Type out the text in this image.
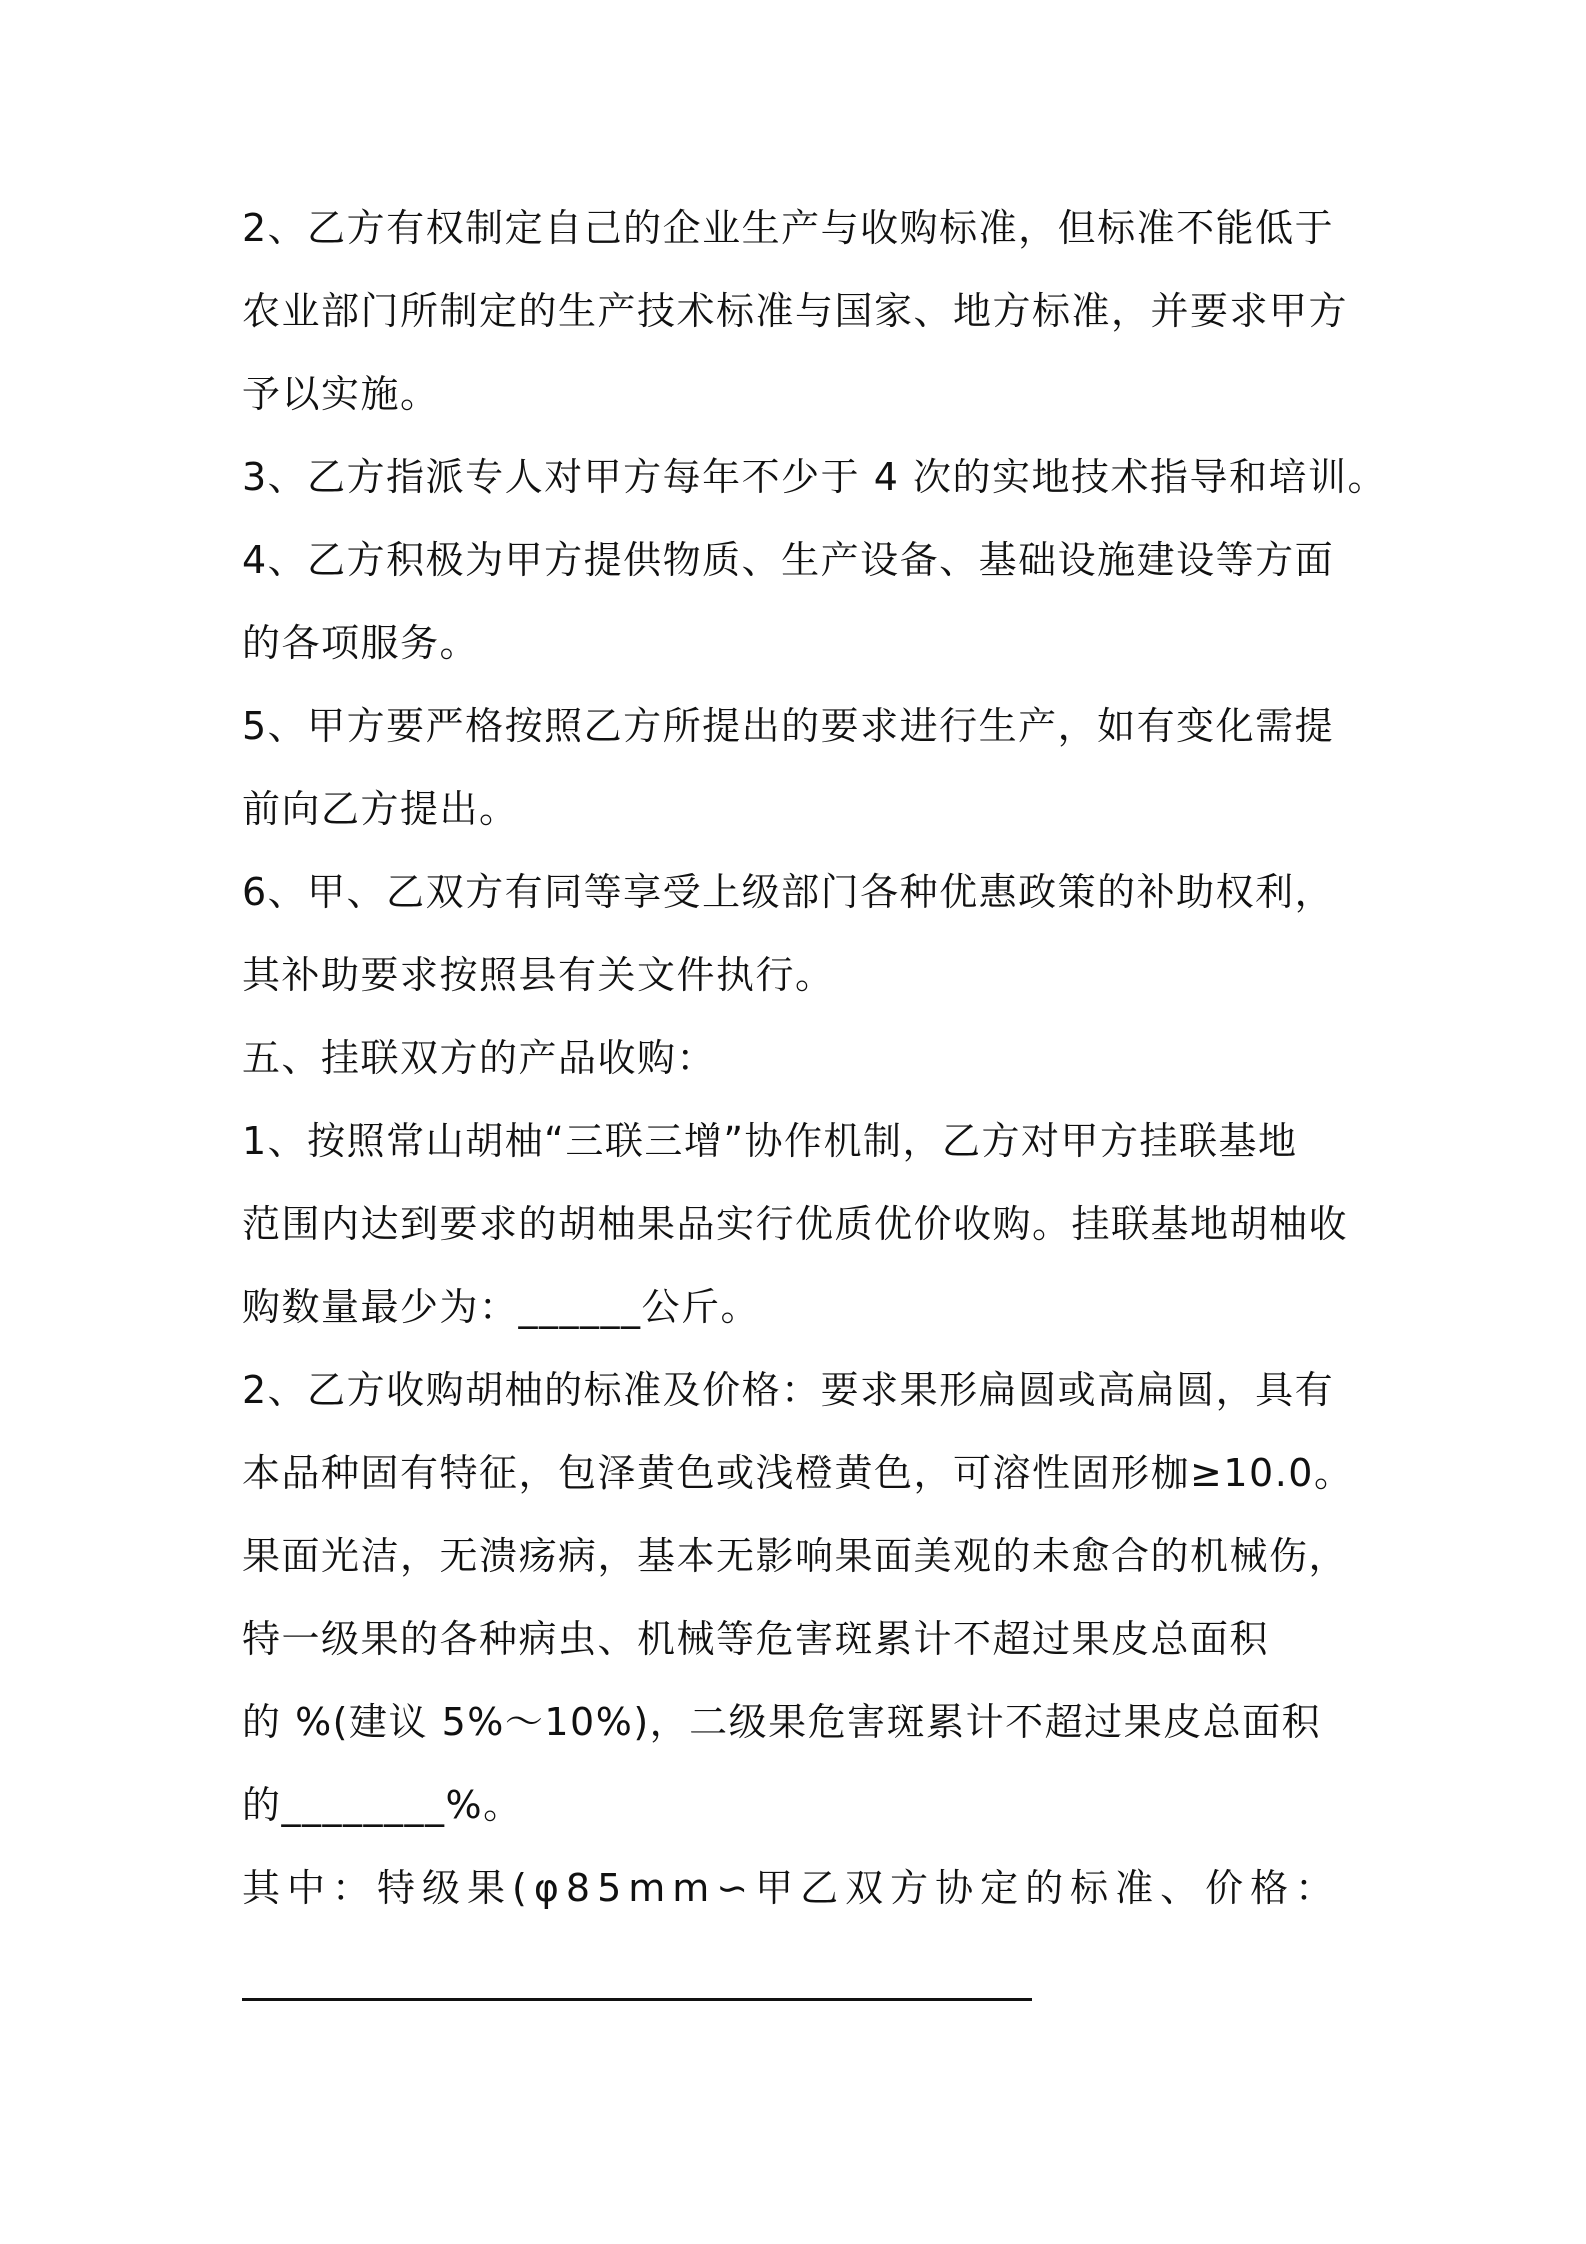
2、乙方有权制定自己的企业生产与收购标准，但标准不能低于
农业部门所制定的生产技术标准与国家、地方标准，并要求甲方
予以实施。
3、乙方指派专人对甲方每年不少于 4 次的实地技术指导和培训。
4、乙方积极为甲方提供物质、生产设备、基础设施建设等方面
的各项服务。
5、甲方要严格按照乙方所提出的要求进行生产，如有变化需提
前向乙方提出。
6、甲、乙双方有同等享受上级部门各种优惠政策的补助权利，
其补助要求按照县有关文件执行。
五、挂联双方的产品收购：
1、按照常山胡柚“三联三增”协作机制，乙方对甲方挂联基地
范围内达到要求的胡柚果品实行优质优价收购。挂联基地胡柚收
购数量最少为：______公斤。
2、乙方收购胡柚的标准及价格：要求果形扁圆或高扁圆，具有
本品种固有特征，包泽黄色或浅橙黄色，可溶性固形枷≥10.0。
果面光洁，无溃疡病，基本无影响果面美观的未愈合的机械伤，
特一级果的各种病虫、机械等危害斑累计不超过果皮总面积
的 %(建议 5%～10%)，二级果危害斑累计不超过果皮总面积
的________%。
其中：特级果(φ85mm∽甲乙双方协定的标准、价格：
